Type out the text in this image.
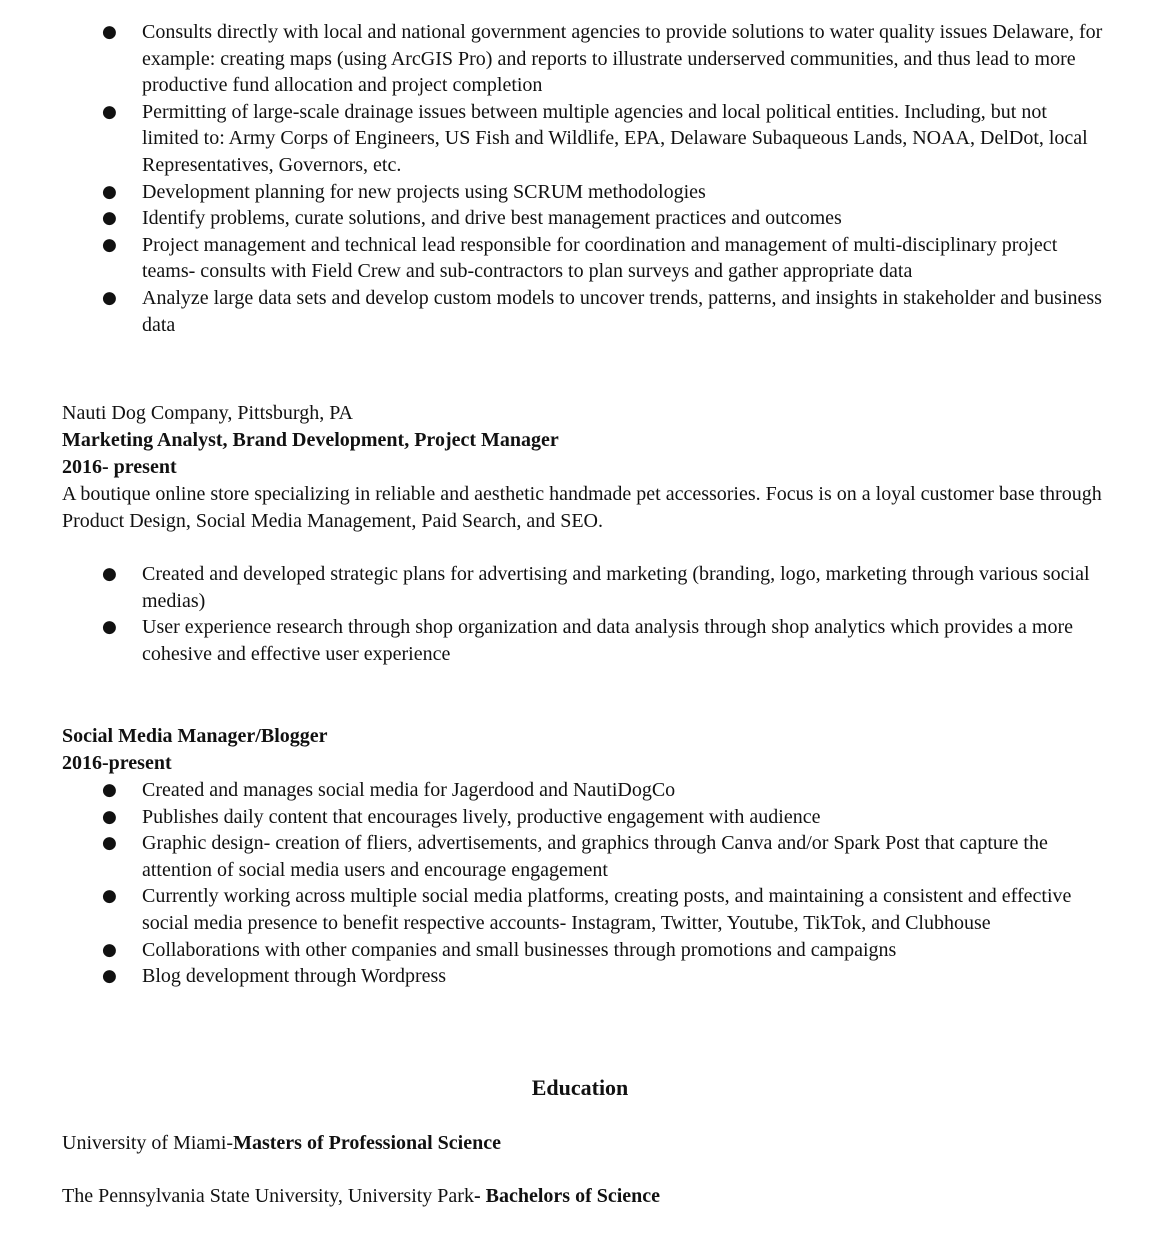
● Consults directly with local and national government agencies to provide solutions to water quality issues Delaware, for example: creating maps (using ArcGIS Pro) and reports to illustrate underserved communities, and thus lead to more productive fund allocation and project completion
● Permitting of large-scale drainage issues between multiple agencies and local political entities. Including, but not limited to: Army Corps of Engineers, US Fish and Wildlife, EPA, Delaware Subaqueous Lands, NOAA, DelDot, local Representatives, Governors, etc.
● Development planning for new projects using SCRUM methodologies
● Identify problems, curate solutions, and drive best management practices and outcomes
● Project management and technical lead responsible for coordination and management of multi-disciplinary project teams- consults with Field Crew and sub-contractors to plan surveys and gather appropriate data
● Analyze large data sets and develop custom models to uncover trends, patterns, and insights in stakeholder and business data
Nauti Dog Company, Pittsburgh, PA
Marketing Analyst, Brand Development, Project Manager
2016- present
A boutique online store specializing in reliable and aesthetic handmade pet accessories. Focus is on a loyal customer base through Product Design, Social Media Management, Paid Search, and SEO.
● Created and developed strategic plans for advertising and marketing (branding, logo, marketing through various social medias)
● User experience research through shop organization and data analysis through shop analytics which provides a more cohesive and effective user experience
Social Media Manager/Blogger
2016-present
● Created and manages social media for Jagerdood and NautiDogCo
● Publishes daily content that encourages lively, productive engagement with audience
● Graphic design- creation of fliers, advertisements, and graphics through Canva and/or Spark Post that capture the attention of social media users and encourage engagement
● Currently working across multiple social media platforms, creating posts, and maintaining a consistent and effective social media presence to benefit respective accounts- Instagram, Twitter, Youtube, TikTok, and Clubhouse
● Collaborations with other companies and small businesses through promotions and campaigns
● Blog development through Wordpress
Education
University of Miami-Masters of Professional Science
The Pennsylvania State University, University Park- Bachelors of Science
